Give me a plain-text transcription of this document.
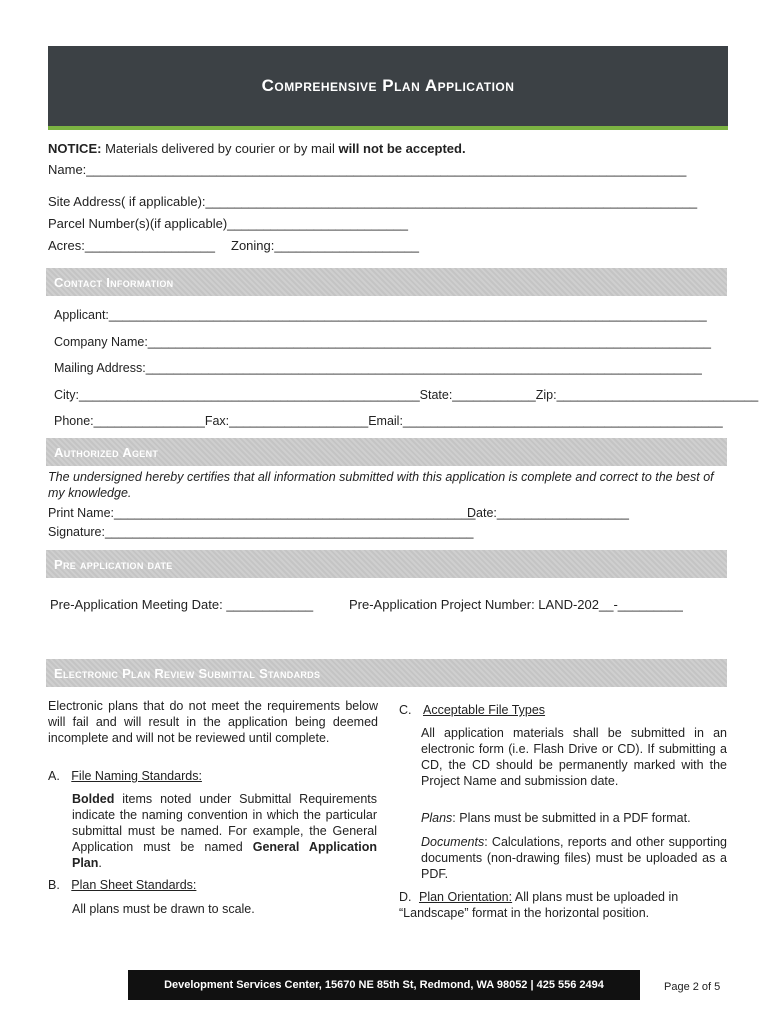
Comprehensive Plan Application
NOTICE: Materials delivered by courier or by mail will not be accepted.
Name:___________________________________________________________________________________
Site Address( if applicable):____________________________________________________________________
Parcel Number(s)(if applicable)_________________________
Acres:__________________ Zoning:____________________
Contact Information
Applicant:______________________________________________________________________________________
Company Name:_________________________________________________________________________________
Mailing Address:________________________________________________________________________________
City:_________________________________________________State:____________Zip:_____________________________
Phone:________________Fax:____________________Email:______________________________________________
Authorized Agent
The undersigned hereby certifies that all information submitted with this application is complete and correct to the best of my knowledge.
Print Name:____________________________________________________
Date:___________________
Signature:_____________________________________________________
Pre application date
Pre-Application Meeting Date: ____________	Pre-Application Project Number: LAND-202__-_________
Electronic Plan Review Submittal Standards
Electronic plans that do not meet the requirements below will fail and will result in the application being deemed incomplete and will not be reviewed until complete.
A. File Naming Standards:
Bolded items noted under Submittal Requirements indicate the naming convention in which the particular submittal must be named. For example, the General Application must be named General Application Plan.
B. Plan Sheet Standards:
All plans must be drawn to scale.
C. Acceptable File Types
All application materials shall be submitted in an electronic form (i.e. Flash Drive or CD). If submitting a CD, the CD should be permanently marked with the Project Name and submission date.
Plans: Plans must be submitted in a PDF format.
Documents: Calculations, reports and other supporting documents (non-drawing files) must be uploaded as a PDF.
D. Plan Orientation: All plans must be uploaded in “Landscape” format in the horizontal position.
Development Services Center, 15670 NE 85th St, Redmond, WA 98052 | 425 556 2494	Page 2 of 5
